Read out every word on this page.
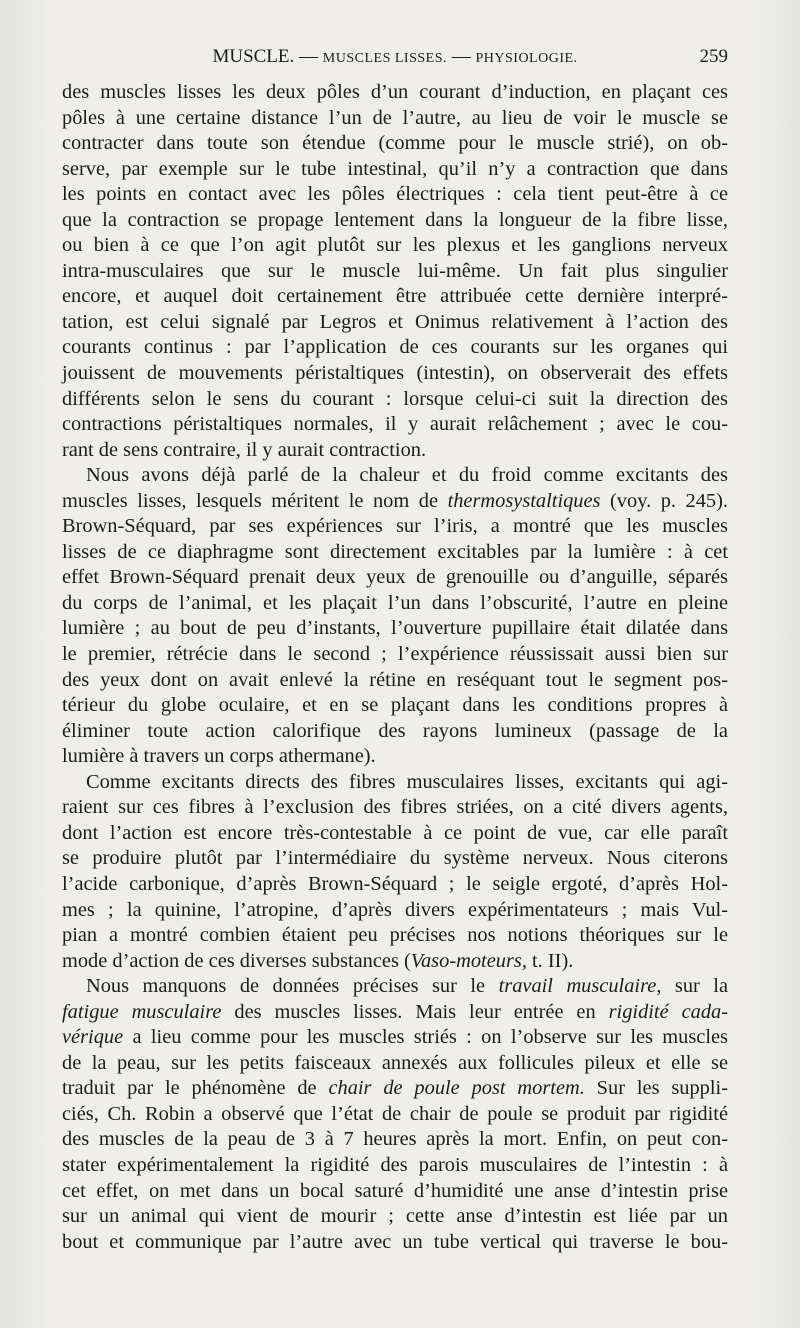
MUSCLE. — MUSCLES LISSES. — PHYSIOLOGIE.	259
des muscles lisses les deux pôles d’un courant d’induction, en plaçant ces
pôles à une certaine distance l’un de l’autre, au lieu de voir le muscle se
contracter dans toute son étendue (comme pour le muscle strié), on ob-
serve, par exemple sur le tube intestinal, qu’il n’y a contraction que dans
les points en contact avec les pôles électriques : cela tient peut-être à ce
que la contraction se propage lentement dans la longueur de la fibre lisse,
ou bien à ce que l’on agit plutôt sur les plexus et les ganglions nerveux
intra-musculaires que sur le muscle lui-même. Un fait plus singulier
encore, et auquel doit certainement être attribuée cette dernière interpré-
tation, est celui signalé par Legros et Onimus relativement à l’action des
courants continus : par l’application de ces courants sur les organes qui
jouissent de mouvements péristaltiques (intestin), on observerait des effets
différents selon le sens du courant : lorsque celui-ci suit la direction des
contractions péristaltiques normales, il y aurait relâchement ; avec le cou-
rant de sens contraire, il y aurait contraction.
Nous avons déjà parlé de la chaleur et du froid comme excitants des
muscles lisses, lesquels méritent le nom de thermosystaltiques (voy. p. 245).
Brown-Séquard, par ses expériences sur l’iris, a montré que les muscles
lisses de ce diaphragme sont directement excitables par la lumière : à cet
effet Brown-Séquard prenait deux yeux de grenouille ou d’anguille, séparés
du corps de l’animal, et les plaçait l’un dans l’obscurité, l’autre en pleine
lumière ; au bout de peu d’instants, l’ouverture pupillaire était dilatée dans
le premier, rétrécie dans le second ; l’expérience réussissait aussi bien sur
des yeux dont on avait enlevé la rétine en reséquant tout le segment pos-
térieur du globe oculaire, et en se plaçant dans les conditions propres à
éliminer toute action calorifique des rayons lumineux (passage de la
lumière à travers un corps athermane).
Comme excitants directs des fibres musculaires lisses, excitants qui agi-
raient sur ces fibres à l’exclusion des fibres striées, on a cité divers agents,
dont l’action est encore très-contestable à ce point de vue, car elle paraît
se produire plutôt par l’intermédiaire du système nerveux. Nous citerons
l’acide carbonique, d’après Brown-Séquard ; le seigle ergoté, d’après Hol-
mes ; la quinine, l’atropine, d’après divers expérimentateurs ; mais Vul-
pian a montré combien étaient peu précises nos notions théoriques sur le
mode d’action de ces diverses substances (Vaso-moteurs, t. II).
Nous manquons de données précises sur le travail musculaire, sur la
fatigue musculaire des muscles lisses. Mais leur entrée en rigidité cada-
vérique a lieu comme pour les muscles striés : on l’observe sur les muscles
de la peau, sur les petits faisceaux annexés aux follicules pileux et elle se
traduit par le phénomène de chair de poule post mortem. Sur les suppli-
ciés, Ch. Robin a observé que l’état de chair de poule se produit par rigidité
des muscles de la peau de 3 à 7 heures après la mort. Enfin, on peut con-
stater expérimentalement la rigidité des parois musculaires de l’intestin : à
cet effet, on met dans un bocal saturé d’humidité une anse d’intestin prise
sur un animal qui vient de mourir ; cette anse d’intestin est liée par un
bout et communique par l’autre avec un tube vertical qui traverse le bou-
